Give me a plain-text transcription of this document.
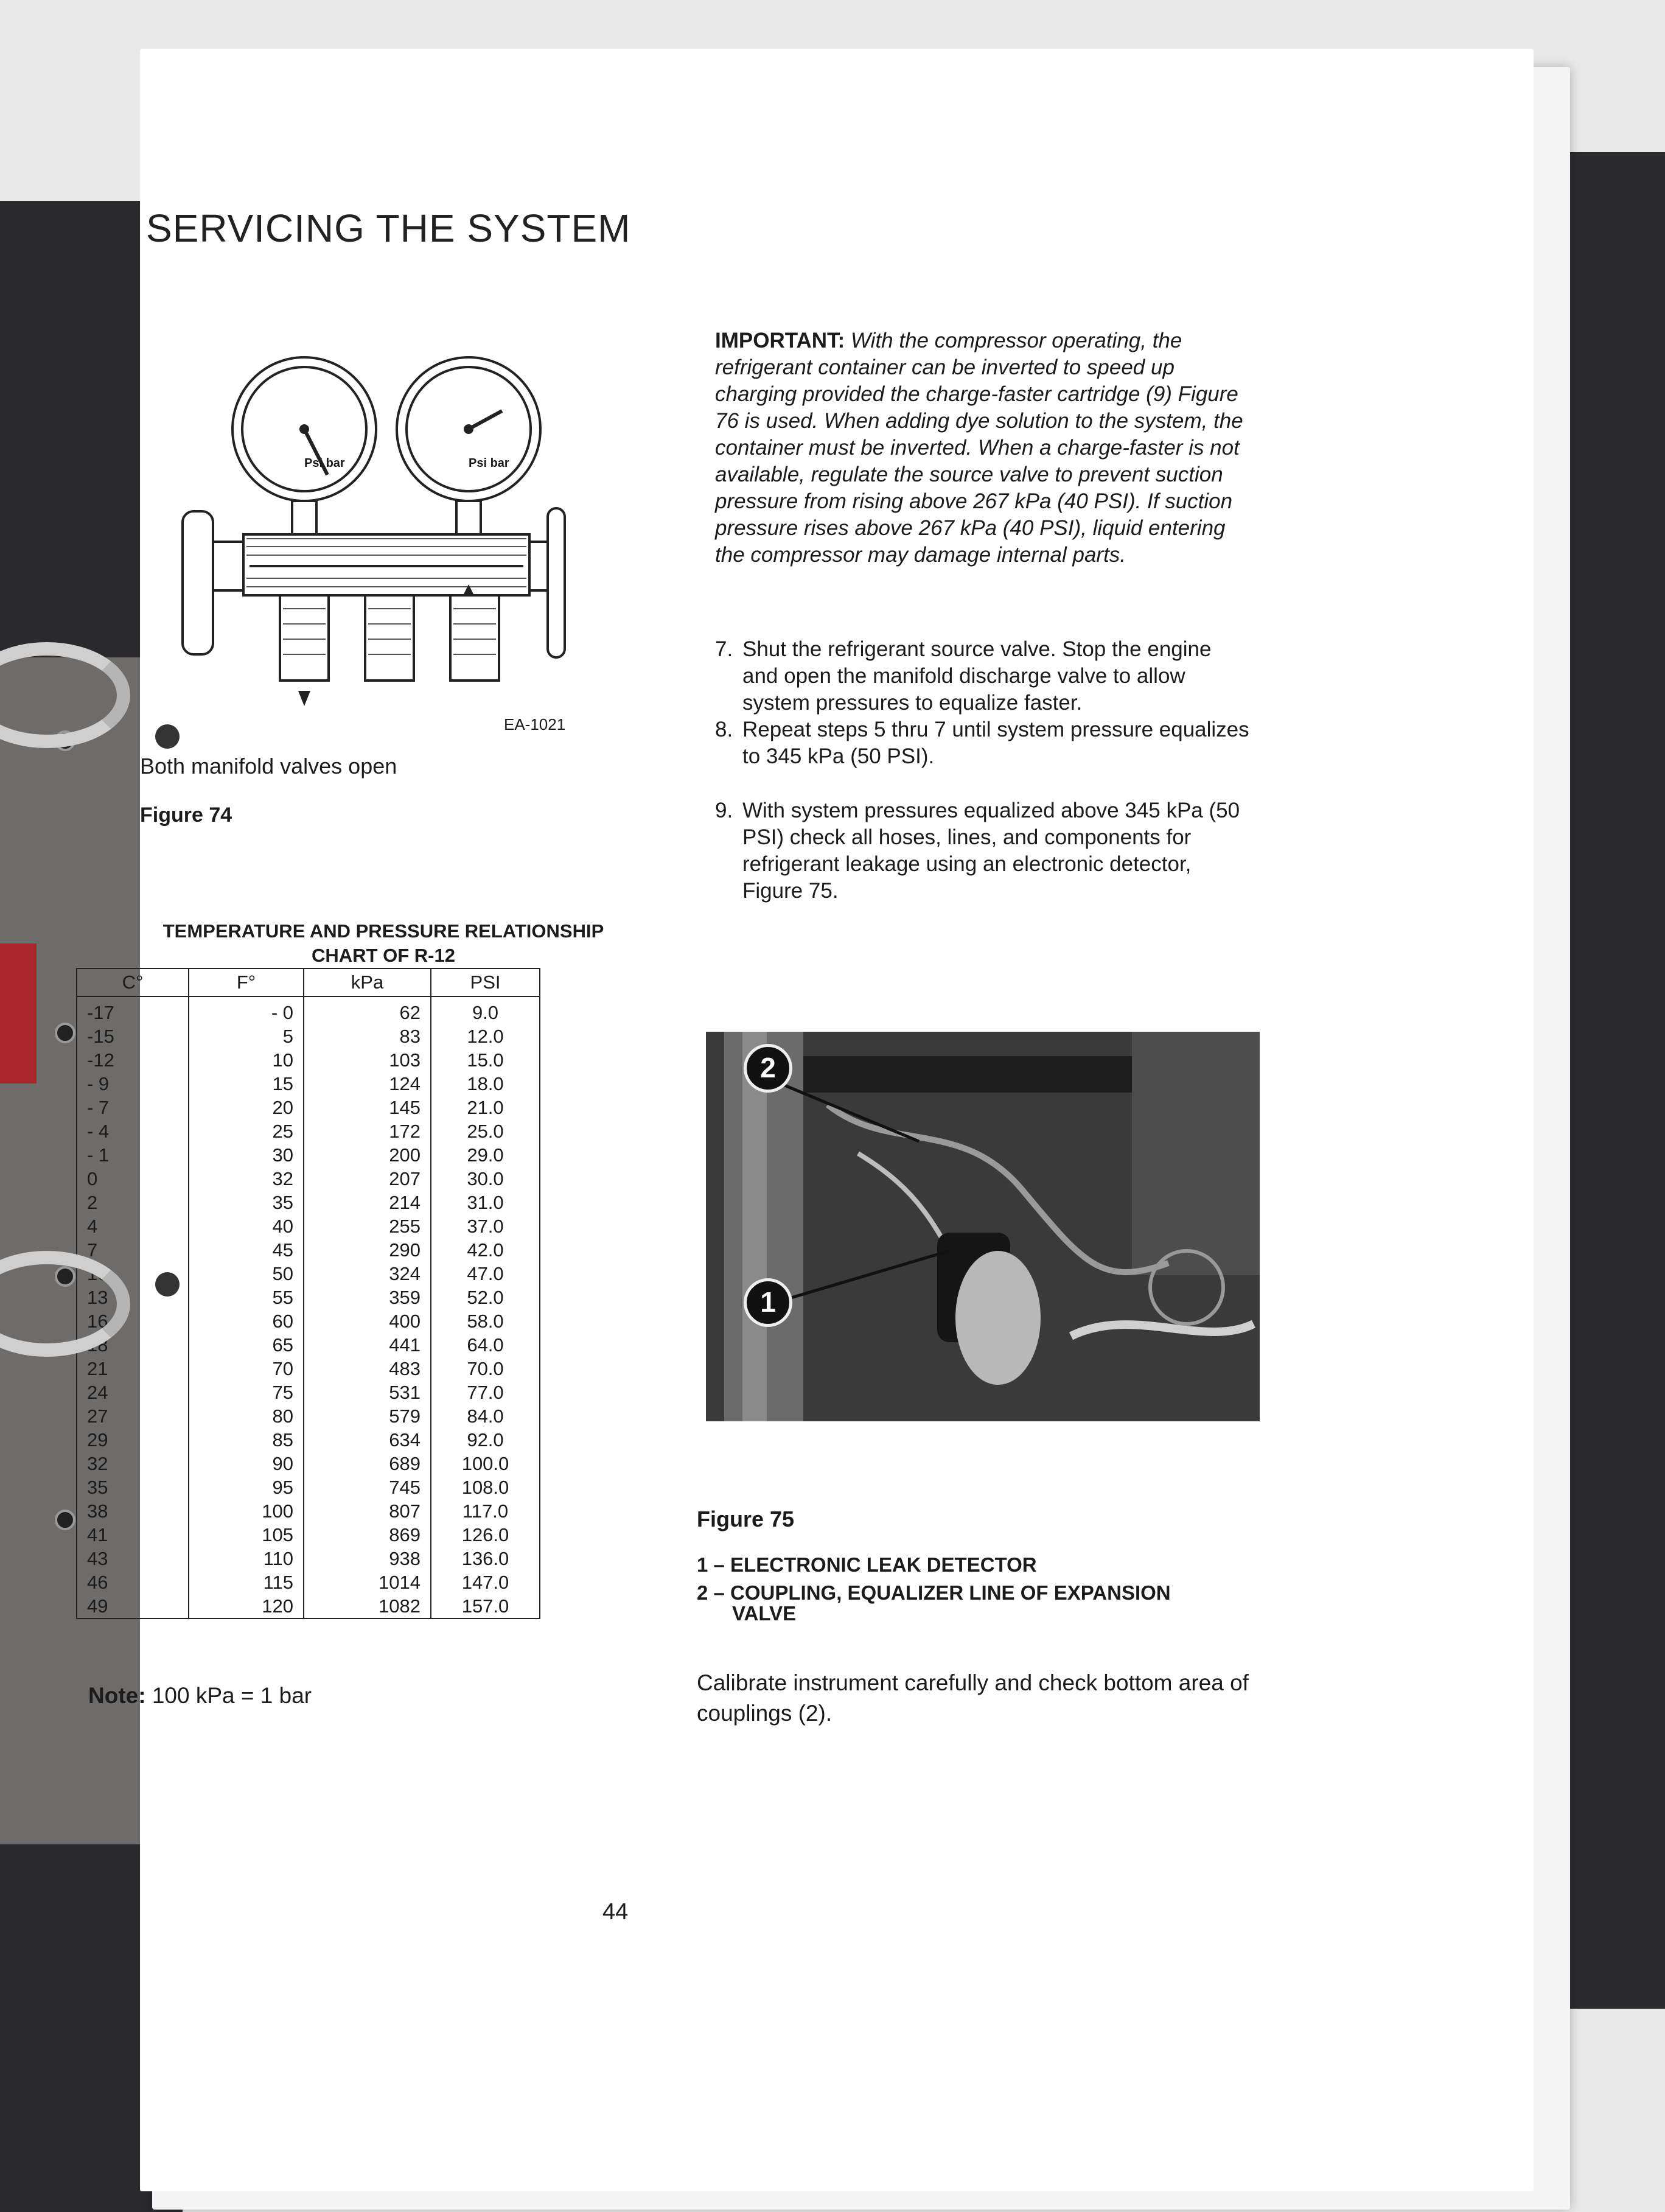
SERVICING THE SYSTEM
Psi bar	Psi bar
EA-1021
Both manifold valves open
Figure 74
IMPORTANT: With the compressor operating, the refrigerant container can be inverted to speed up charging provided the charge-faster cartridge (9) Figure 76 is used. When adding dye solution to the system, the container must be inverted. When a charge-faster is not available, regulate the source valve to prevent suction pressure from rising above 267 kPa (40 PSI). If suction pressure rises above 267 kPa (40 PSI), liquid entering the compressor may damage internal parts.
7. Shut the refrigerant source valve. Stop the engine and open the manifold discharge valve to allow system pressures to equalize faster.
8. Repeat steps 5 thru 7 until system pressure equalizes to 345 kPa (50 PSI).
9. With system pressures equalized above 345 kPa (50 PSI) check all hoses, lines, and components for refrigerant leakage using an electronic detector, Figure 75.
TEMPERATURE AND PRESSURE RELATIONSHIP
CHART OF R-12
C°	F°	kPa	PSI
-17	- 0	62	9.0
-15	5	83	12.0
-12	10	103	15.0
- 9	15	124	18.0
- 7	20	145	21.0
- 4	25	172	25.0
- 1	30	200	29.0
0	32	207	30.0
2	35	214	31.0
4	40	255	37.0
7	45	290	42.0
10	50	324	47.0
13	55	359	52.0
16	60	400	58.0
18	65	441	64.0
21	70	483	70.0
24	75	531	77.0
27	80	579	84.0
29	85	634	92.0
32	90	689	100.0
35	95	745	108.0
38	100	807	117.0
41	105	869	126.0
43	110	938	136.0
46	115	1014	147.0
49	120	1082	157.0
Note: 100 kPa = 1 bar
2
1
Figure 75
1 – ELECTRONIC LEAK DETECTOR
2 – COUPLING, EQUALIZER LINE OF EXPANSION
VALVE
Calibrate instrument carefully and check bottom area of couplings (2).
44
